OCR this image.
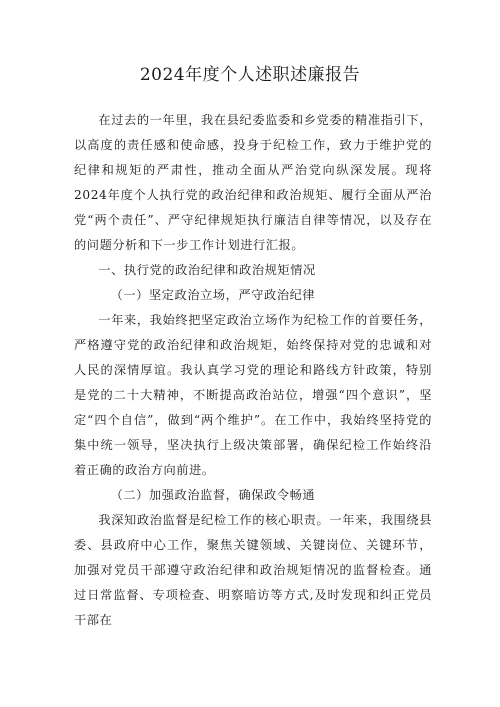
2024年度个人述职述廉报告

在过去的一年里，我在县纪委监委和乡党委的精准指引下，以高度的责任感和使命感，投身于纪检工作，致力于维护党的纪律和规矩的严肃性，推动全面从严治党向纵深发展。现将2024年度个人执行党的政治纪律和政治规矩、履行全面从严治党“两个责任”、严守纪律规矩执行廉洁自律等情况，以及存在的问题分析和下一步工作计划进行汇报。

一、执行党的政治纪律和政治规矩情况

（一）坚定政治立场，严守政治纪律

一年来，我始终把坚定政治立场作为纪检工作的首要任务，严格遵守党的政治纪律和政治规矩，始终保持对党的忠诚和对人民的深情厚谊。我认真学习党的理论和路线方针政策，特别是党的二十大精神，不断提高政治站位，增强“四个意识”，坚定“四个自信”，做到“两个维护”。在工作中，我始终坚持党的集中统一领导，坚决执行上级决策部署，确保纪检工作始终沿着正确的政治方向前进。

（二）加强政治监督，确保政令畅通

我深知政治监督是纪检工作的核心职责。一年来，我围绕县委、县政府中心工作，聚焦关键领域、关键岗位、关键环节，加强对党员干部遵守政治纪律和政治规矩情况的监督检查。通过日常监督、专项检查、明察暗访等方式,及时发现和纠正党员干部在
